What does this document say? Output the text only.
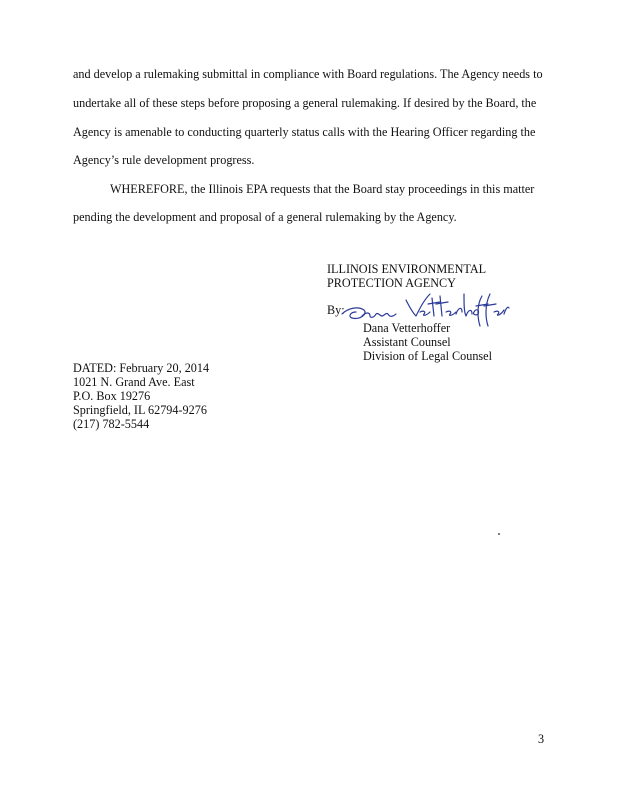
and develop a rulemaking submittal in compliance with Board regulations. The Agency needs to
undertake all of these steps before proposing a general rulemaking. If desired by the Board, the
Agency is amenable to conducting quarterly status calls with the Hearing Officer regarding the
Agency’s rule development progress.
WHEREFORE, the Illinois EPA requests that the Board stay proceedings in this matter
pending the development and proposal of a general rulemaking by the Agency.
ILLINOIS ENVIRONMENTAL
PROTECTION AGENCY
By:
Dana Vetterhoffer
Assistant Counsel
Division of Legal Counsel
DATED: February 20, 2014
1021 N. Grand Ave. East
P.O. Box 19276
Springfield, IL 62794-9276
(217) 782-5544
3
